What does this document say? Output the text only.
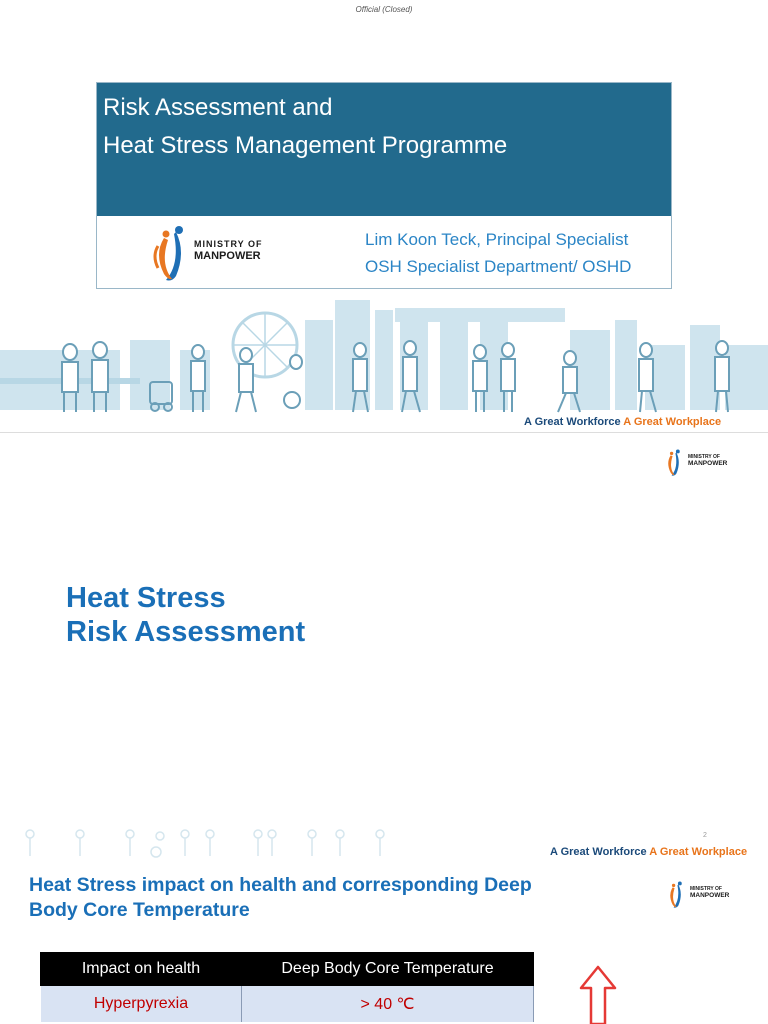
Official (Closed)
Risk Assessment and
Heat Stress Management Programme
MINISTRY OF
MANPOWER
Lim Koon Teck, Principal Specialist
OSH Specialist Department/ OSHD
A Great Workforce A Great Workplace
MINISTRY OF
MANPOWER
Heat Stress
Risk Assessment
2
A Great Workforce A Great Workplace
Heat Stress impact on health and corresponding Deep
Body Core Temperature
MINISTRY OF
MANPOWER
Impact on health	Deep Body Core Temperature
Hyperpyrexia	> 40 ℃
